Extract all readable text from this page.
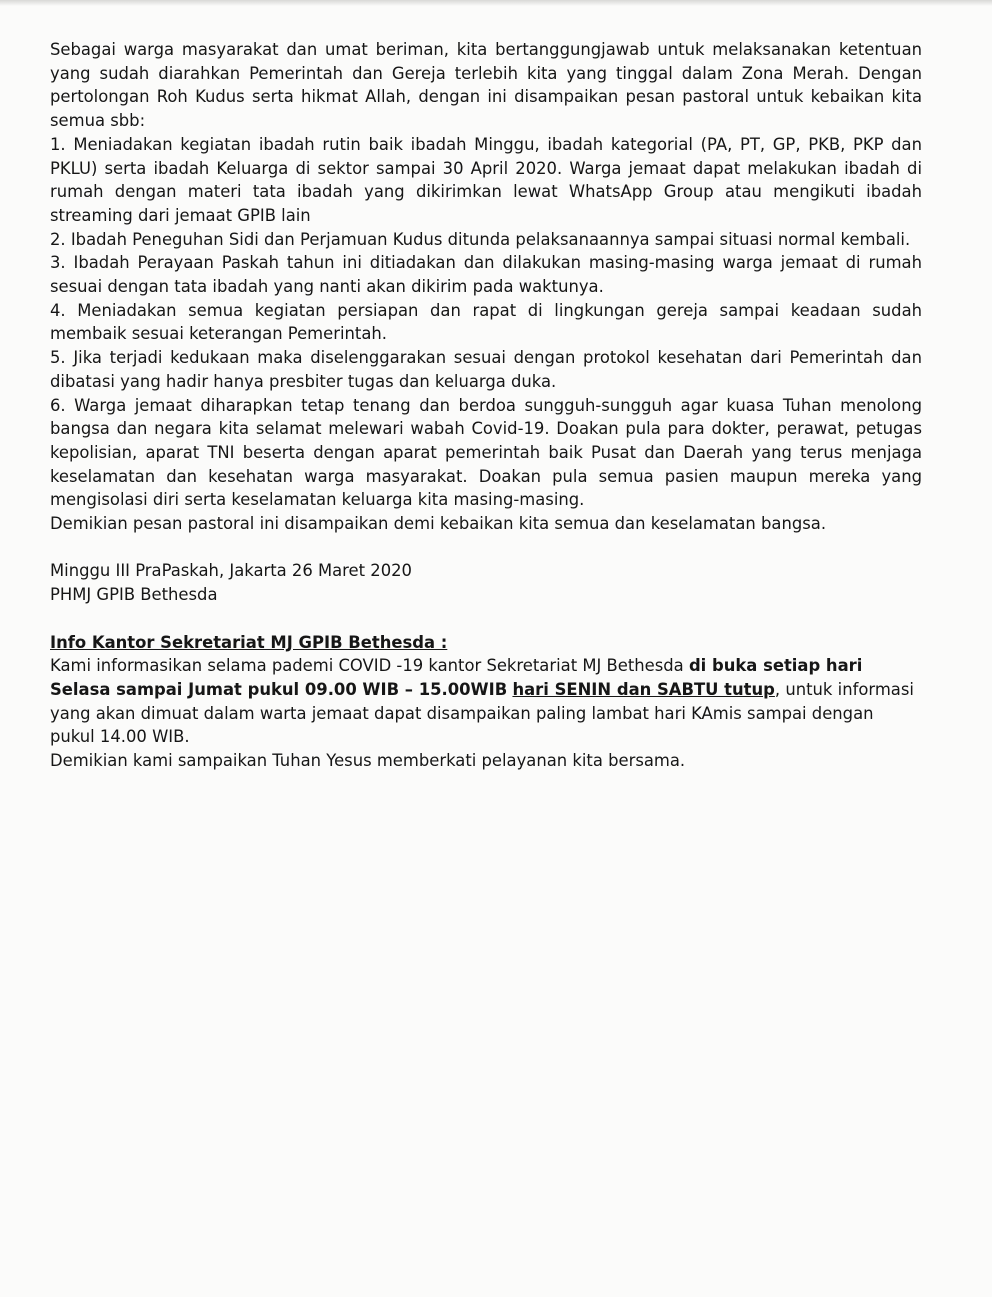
Sebagai warga masyarakat dan umat beriman, kita bertanggungjawab untuk melaksanakan ketentuan yang sudah diarahkan Pemerintah dan Gereja terlebih kita yang tinggal dalam Zona Merah. Dengan pertolongan Roh Kudus serta hikmat Allah, dengan ini disampaikan pesan pastoral untuk kebaikan kita semua sbb:

1. Meniadakan kegiatan ibadah rutin baik ibadah Minggu, ibadah kategorial (PA, PT, GP, PKB, PKP dan PKLU) serta ibadah Keluarga di sektor sampai 30 April 2020. Warga jemaat dapat melakukan ibadah di rumah dengan materi tata ibadah yang dikirimkan lewat WhatsApp Group atau mengikuti ibadah streaming dari jemaat GPIB lain

2. Ibadah Peneguhan Sidi dan Perjamuan Kudus ditunda pelaksanaannya sampai situasi normal kembali.

3. Ibadah Perayaan Paskah tahun ini ditiadakan dan dilakukan masing-masing warga jemaat di rumah sesuai dengan tata ibadah yang nanti akan dikirim pada waktunya.

4. Meniadakan semua kegiatan persiapan dan rapat di lingkungan gereja sampai keadaan sudah membaik sesuai keterangan Pemerintah.

5. Jika terjadi kedukaan maka diselenggarakan sesuai dengan protokol kesehatan dari Pemerintah dan dibatasi yang hadir hanya presbiter tugas dan keluarga duka.

6. Warga jemaat diharapkan tetap tenang dan berdoa sungguh-sungguh agar kuasa Tuhan menolong bangsa dan negara kita selamat melewari wabah Covid-19. Doakan pula para dokter, perawat, petugas kepolisian, aparat TNI beserta dengan aparat pemerintah baik Pusat dan Daerah yang terus menjaga keselamatan dan kesehatan warga masyarakat. Doakan pula semua pasien maupun mereka yang mengisolasi diri serta keselamatan keluarga kita masing-masing.

Demikian pesan pastoral ini disampaikan demi kebaikan kita semua dan keselamatan bangsa.

Minggu III PraPaskah, Jakarta 26 Maret 2020

PHMJ GPIB Bethesda

Info Kantor Sekretariat MJ GPIB Bethesda :

Kami informasikan selama pademi COVID -19 kantor Sekretariat MJ Bethesda di buka setiap hari Selasa sampai Jumat pukul 09.00 WIB – 15.00WIB hari SENIN dan SABTU tutup, untuk informasi yang akan dimuat dalam warta jemaat dapat disampaikan paling lambat hari KAmis sampai dengan pukul 14.00 WIB.

Demikian kami sampaikan Tuhan Yesus memberkati pelayanan kita bersama.
